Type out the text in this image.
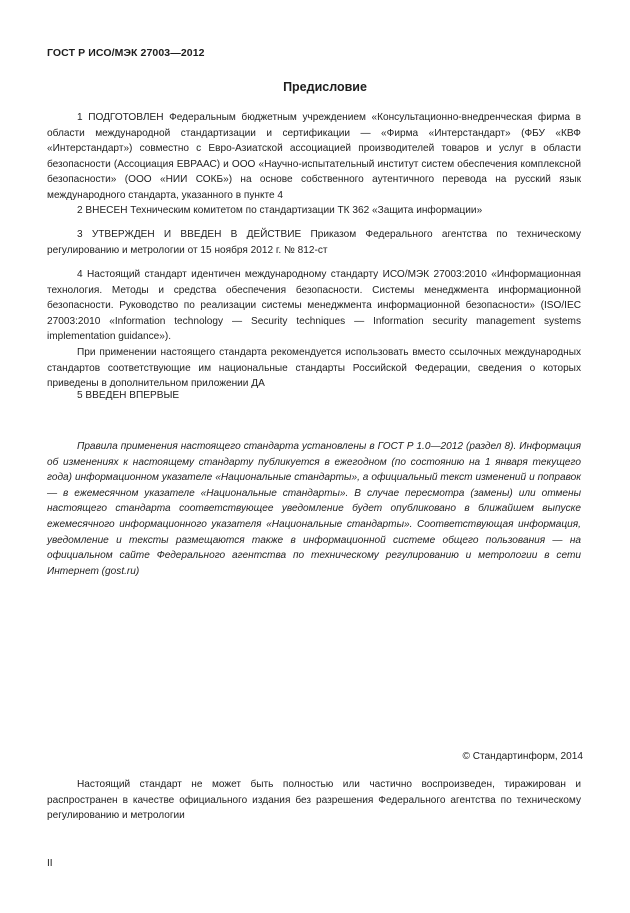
ГОСТ Р ИСО/МЭК 27003—2012
Предисловие

1 ПОДГОТОВЛЕН Федеральным бюджетным учреждением «Консультационно-внедренческая фирма в области международной стандартизации и сертификации — «Фирма «Интерстандарт» (ФБУ «КВФ «Интерстандарт») совместно с Евро-Азиатской ассоциацией производителей товаров и услуг в области безопасности (Ассоциация ЕВРААС) и ООО «Научно-испытательный институт систем обеспечения комплексной безопасности» (ООО «НИИ СОКБ») на основе собственного аутентичного перевода на русский язык международного стандарта, указанного в пункте 4

2 ВНЕСЕН Техническим комитетом по стандартизации ТК 362 «Защита информации»

3 УТВЕРЖДЕН И ВВЕДЕН В ДЕЙСТВИЕ Приказом Федерального агентства по техническому регулированию и метрологии от 15 ноября 2012 г. № 812-ст

4 Настоящий стандарт идентичен международному стандарту ИСО/МЭК 27003:2010 «Информационная технология. Методы и средства обеспечения безопасности. Системы менеджмента информационной безопасности. Руководство по реализации системы менеджмента информационной безопасности» (ISO/IEC 27003:2010 «Information technology — Security techniques — Information security management systems implementation guidance»).

При применении настоящего стандарта рекомендуется использовать вместо ссылочных международных стандартов соответствующие им национальные стандарты Российской Федерации, сведения о которых приведены в дополнительном приложении ДА

5 ВВЕДЕН ВПЕРВЫЕ

Правила применения настоящего стандарта установлены в ГОСТ Р 1.0—2012 (раздел 8). Информация об изменениях к настоящему стандарту публикуется в ежегодном (по состоянию на 1 января текущего года) информационном указателе «Национальные стандарты», а официальный текст изменений и поправок — в ежемесячном указателе «Национальные стандарты». В случае пересмотра (замены) или отмены настоящего стандарта соответствующее уведомление будет опубликовано в ближайшем выпуске ежемесячного информационного указателя «Национальные стандарты». Соответствующая информация, уведомление и тексты размещаются также в информационной системе общего пользования — на официальном сайте Федерального агентства по техническому регулированию и метрологии в сети Интернет (gost.ru)

© Стандартинформ, 2014

Настоящий стандарт не может быть полностью или частично воспроизведен, тиражирован и распространен в качестве официального издания без разрешения Федерального агентства по техническому регулированию и метрологии

II
